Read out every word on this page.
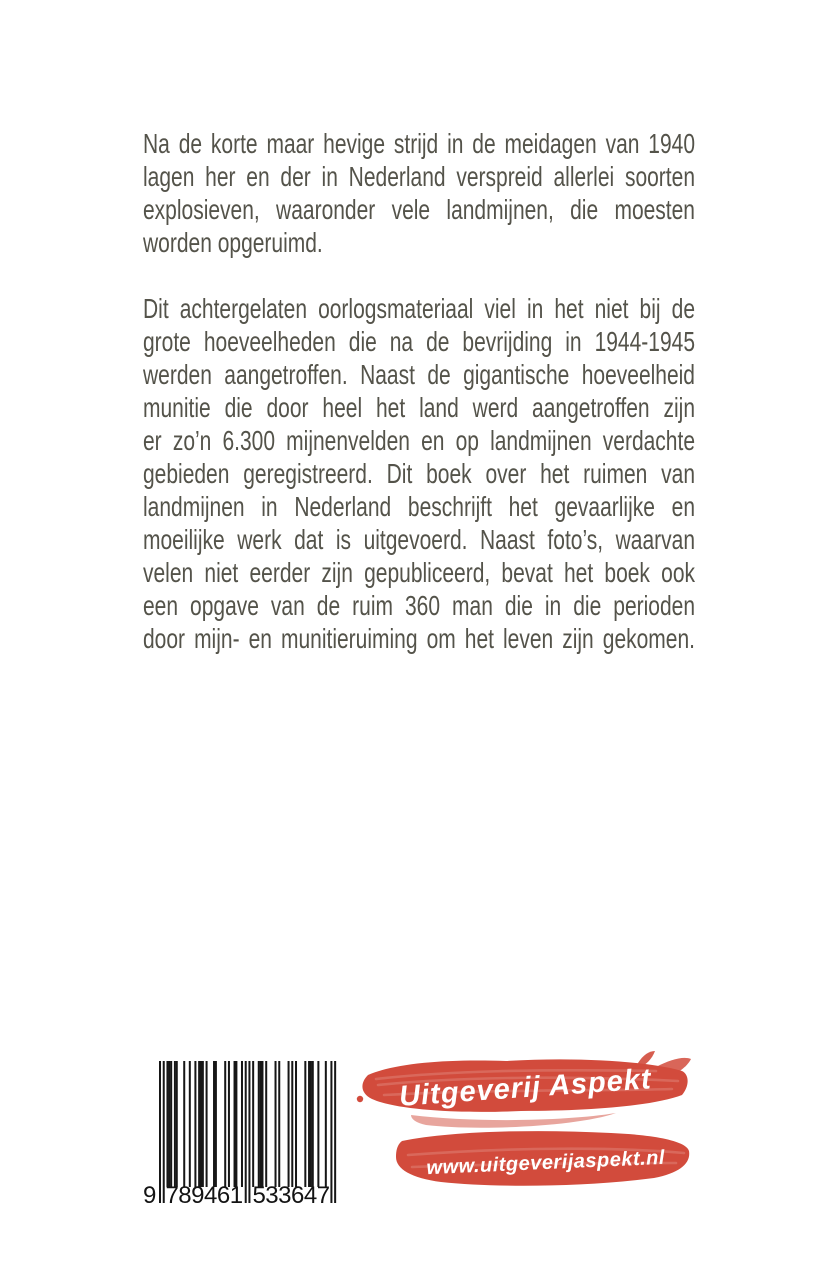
Na de korte maar hevige strijd in de meidagen van 1940
lagen her en der in Nederland verspreid allerlei soorten
explosieven, waaronder vele landmijnen, die moesten
worden opgeruimd.
Dit achtergelaten oorlogsmateriaal viel in het niet bij de
grote hoeveelheden die na de bevrijding in 1944-1945
werden aangetroffen. Naast de gigantische hoeveelheid
munitie die door heel het land werd aangetroffen zijn
er zo’n 6.300 mijnenvelden en op landmijnen verdachte
gebieden geregistreerd. Dit boek over het ruimen van
landmijnen in Nederland beschrijft het gevaarlijke en
moeilijke werk dat is uitgevoerd. Naast foto’s, waarvan
velen niet eerder zijn gepubliceerd, bevat het boek ook
een opgave van de ruim 360 man die in die perioden
door mijn- en munitieruiming om het leven zijn gekomen.
9 789461 533647
Uitgeverij Aspekt
www.uitgeverijaspekt.nl
